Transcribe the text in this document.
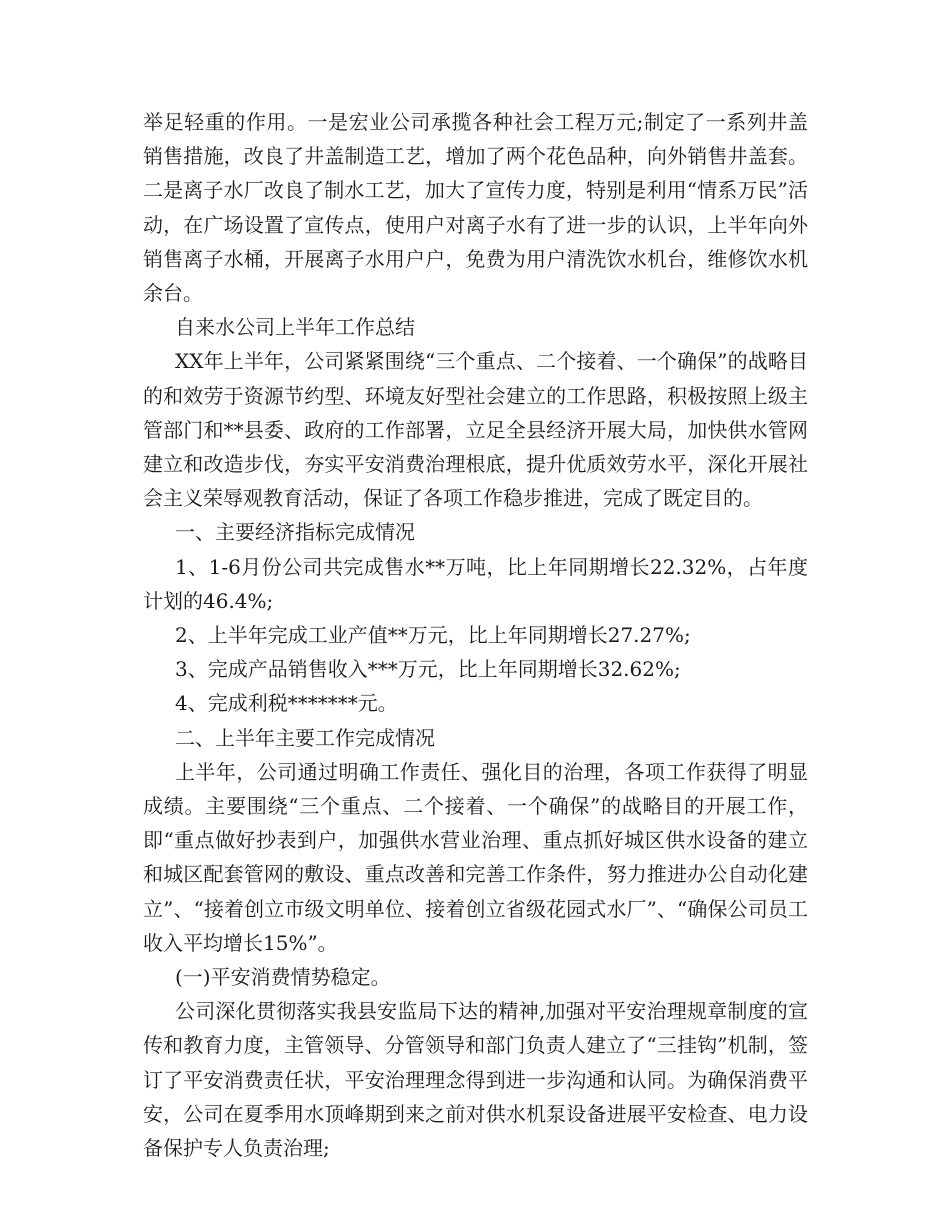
举足轻重的作用。一是宏业公司承揽各种社会工程万元;制定了一系列井盖销售措施，改良了井盖制造工艺，增加了两个花色品种，向外销售井盖套。二是离子水厂改良了制水工艺，加大了宣传力度，特别是利用“情系万民”活动，在广场设置了宣传点，使用户对离子水有了进一步的认识，上半年向外销售离子水桶，开展离子水用户户，免费为用户清洗饮水机台，维修饮水机余台。

自来水公司上半年工作总结

XX年上半年，公司紧紧围绕“三个重点、二个接着、一个确保”的战略目的和效劳于资源节约型、环境友好型社会建立的工作思路，积极按照上级主管部门和**县委、政府的工作部署，立足全县经济开展大局，加快供水管网建立和改造步伐，夯实平安消费治理根底，提升优质效劳水平，深化开展社会主义荣辱观教育活动，保证了各项工作稳步推进，完成了既定目的。

一、主要经济指标完成情况

1、1-6月份公司共完成售水**万吨，比上年同期增长22.32%，占年度计划的46.4%;

2、上半年完成工业产值**万元，比上年同期增长27.27%;

3、完成产品销售收入***万元，比上年同期增长32.62%;

4、完成利税*******元。

二、上半年主要工作完成情况

上半年，公司通过明确工作责任、强化目的治理，各项工作获得了明显成绩。主要围绕“三个重点、二个接着、一个确保”的战略目的开展工作，即“重点做好抄表到户，加强供水营业治理、重点抓好城区供水设备的建立和城区配套管网的敷设、重点改善和完善工作条件，努力推进办公自动化建立”、“接着创立市级文明单位、接着创立省级花园式水厂”、“确保公司员工收入平均增长15%”。

(一)平安消费情势稳定。

公司深化贯彻落实我县安监局下达的精神,加强对平安治理规章制度的宣传和教育力度，主管领导、分管领导和部门负责人建立了“三挂钩”机制，签订了平安消费责任状，平安治理理念得到进一步沟通和认同。为确保消费平安，公司在夏季用水顶峰期到来之前对供水机泵设备进展平安检查、电力设备保护专人负责治理;
